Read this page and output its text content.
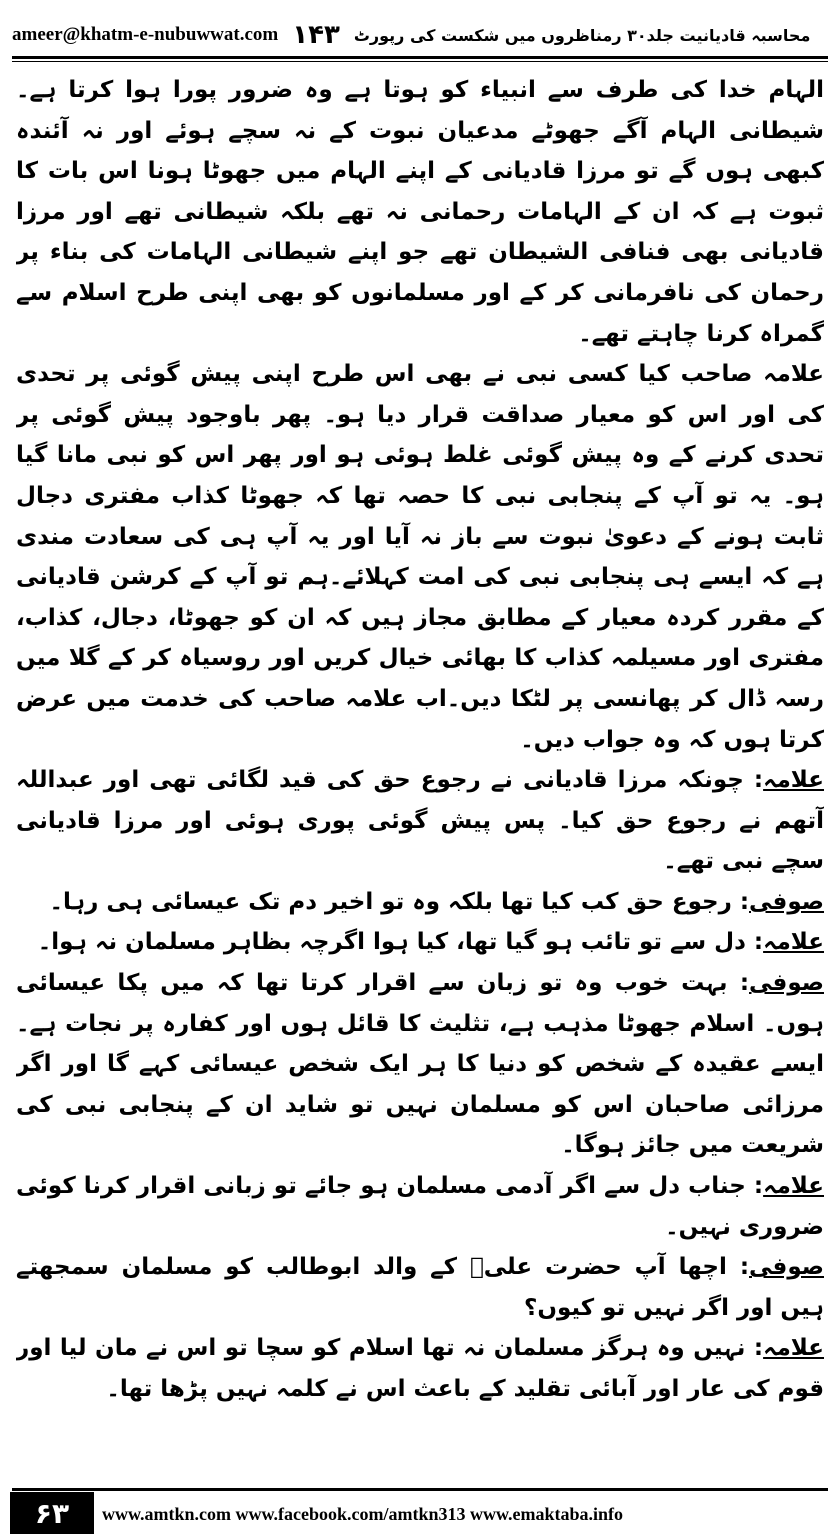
ameer@khatm-e-nubuwwat.com ۱۴۳ محاسبہ قادیانیت جلد۳۰ رمناظروں میں شکست کی رپورٹ

الہام خدا کی طرف سے انبیاء کو ہوتا ہے وہ ضرور پورا ہوا کرتا ہے۔شیطانی الہام آگے جھوٹے مدعیان نبوت کے نہ سچے ہوئے اور نہ آئندہ کبھی ہوں گے تو مرزا قادیانی کے اپنے الہام میں جھوٹا ہونا اس بات کا ثبوت ہے کہ ان کے الہامات رحمانی نہ تھے بلکہ شیطانی تھے اور مرزا قادیانی بھی فنافی الشیطان تھے جو اپنے شیطانی الہامات کی بناء پر رحمان کی نافرمانی کر کے اور مسلمانوں کو بھی اپنی طرح اسلام سے گمراہ کرنا چاہتے تھے۔

علامہ صاحب کیا کسی نبی نے بھی اس طرح اپنی پیش گوئی پر تحدی کی اور اس کو معیار صداقت قرار دیا ہو۔ پھر باوجود پیش گوئی پر تحدی کرنے کے وہ پیش گوئی غلط ہوئی ہو اور پھر اس کو نبی مانا گیا ہو۔ یہ تو آپ کے پنجابی نبی کا حصہ تھا کہ جھوٹا کذاب مفتری دجال ثابت ہونے کے دعویٰ نبوت سے باز نہ آیا اور یہ آپ ہی کی سعادت مندی ہے کہ ایسے ہی پنجابی نبی کی امت کہلائے۔ہم تو آپ کے کرشن قادیانی کے مقرر کردہ معیار کے مطابق مجاز ہیں کہ ان کو جھوٹا، دجال، کذاب، مفتری اور مسیلمہ کذاب کا بھائی خیال کریں اور روسیاہ کر کے گلا میں رسہ ڈال کر پھانسی پر لٹکا دیں۔اب علامہ صاحب کی خدمت میں عرض کرتا ہوں کہ وہ جواب دیں۔

علامہ: چونکہ مرزا قادیانی نے رجوع حق کی قید لگائی تھی اور عبداللہ آتھم نے رجوع حق کیا۔ پس پیش گوئی پوری ہوئی اور مرزا قادیانی سچے نبی تھے۔

صوفی: رجوع حق کب کیا تھا بلکہ وہ تو اخیر دم تک عیسائی ہی رہا۔

علامہ: دل سے تو تائب ہو گیا تھا، کیا ہوا اگرچہ بظاہر مسلمان نہ ہوا۔

صوفی: بہت خوب وہ تو زبان سے اقرار کرتا تھا کہ میں پکا عیسائی ہوں۔ اسلام جھوٹا مذہب ہے، تثلیث کا قائل ہوں اور کفارہ پر نجات ہے۔ ایسے عقیدہ کے شخص کو دنیا کا ہر ایک شخص عیسائی کہے گا اور اگر مرزائی صاحبان اس کو مسلمان نہیں تو شاید ان کے پنجابی نبی کی شریعت میں جائز ہوگا۔

علامہ: جناب دل سے اگر آدمی مسلمان ہو جائے تو زبانی اقرار کرنا کوئی ضروری نہیں۔

صوفی: اچھا آپ حضرت علیؓ کے والد ابوطالب کو مسلمان سمجھتے ہیں اور اگر نہیں تو کیوں؟

علامہ: نہیں وہ ہرگز مسلمان نہ تھا اسلام کو سچا تو اس نے مان لیا اور قوم کی عار اور آبائی تقلید کے باعث اس نے کلمہ نہیں پڑھا تھا۔

۶۳	www.amtkn.com www.facebook.com/amtkn313 www.emaktaba.info
